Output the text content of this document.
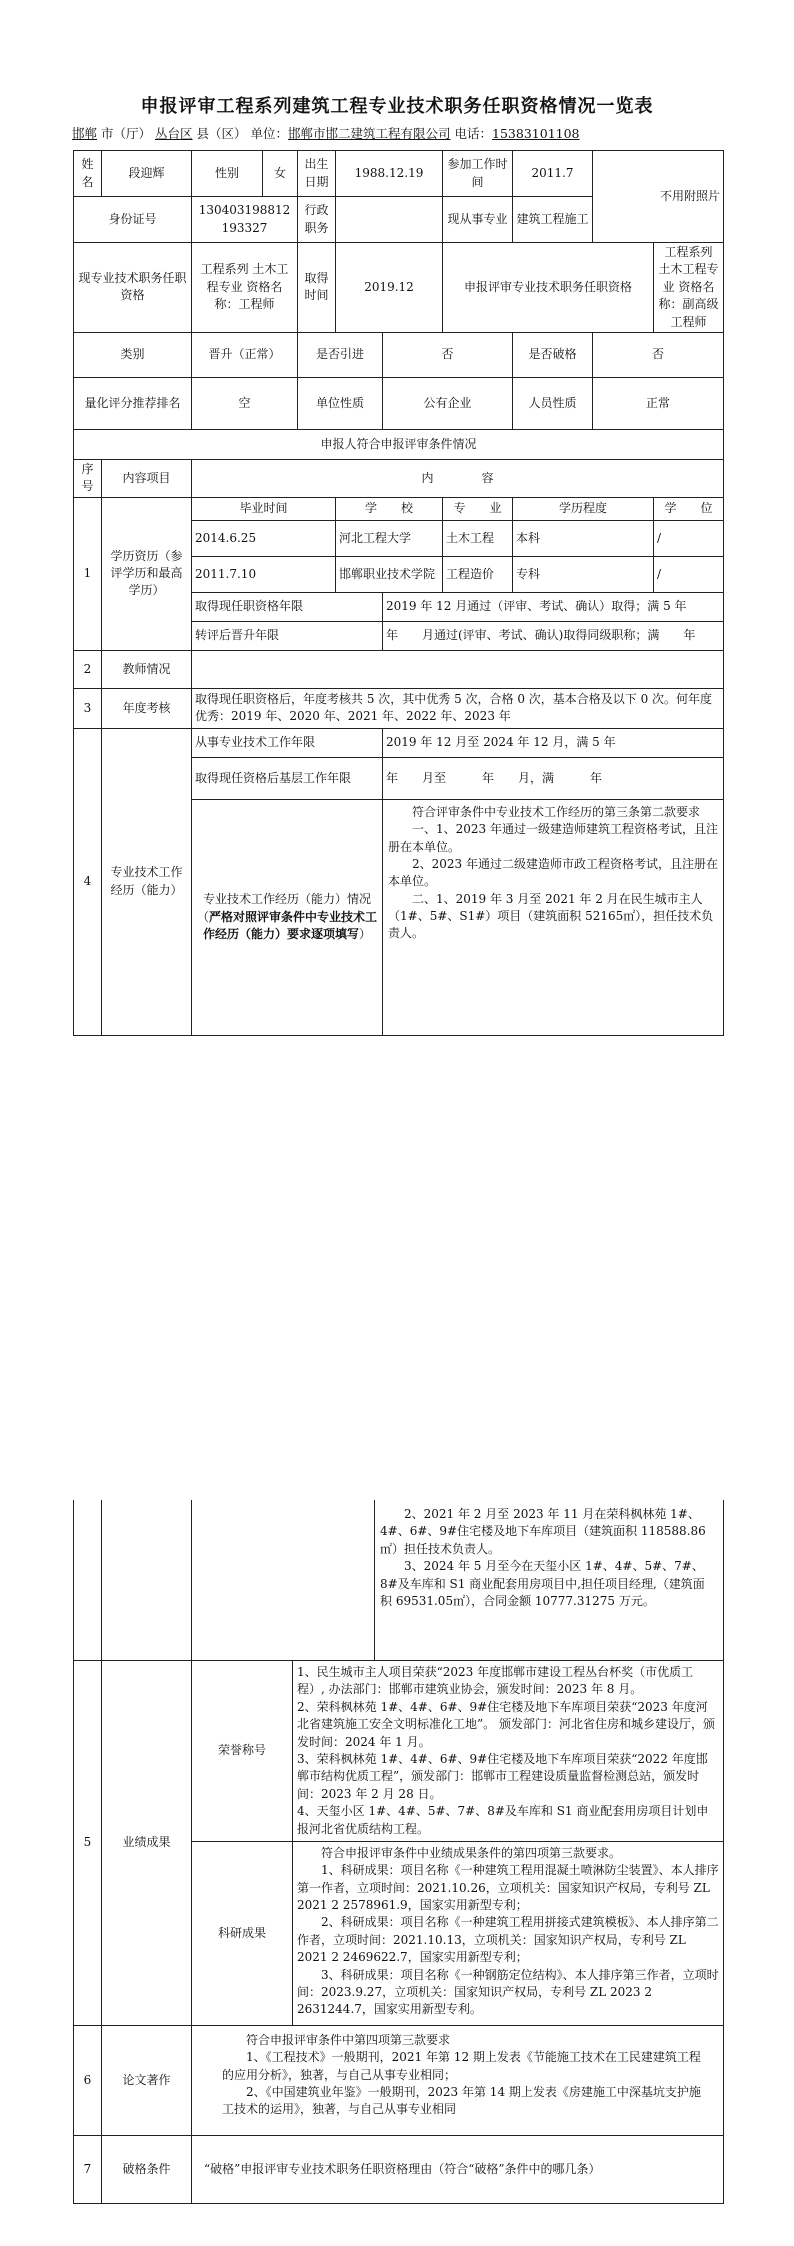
申报评审工程系列建筑工程专业技术职务任职资格情况一览表
邯郸 市（厅） 丛台区 县（区） 单位：邯郸市邯二建筑工程有限公司 电话：15383101108
姓名	段迎辉	性别	女	出生日期	1988.12.19		参加工作时间	2011.7	不用附照片	
身份证号		130403198812193327		行政职务			现从事专业	建筑工程施工		
现专业技术职务任职资格		工程系列 土木工程专业 资格名称：工程师		取得时间	2019.12		申报评审专业技术职务任职资格			工程系列 土木工程专业 资格名称：副高级工程师
类别		晋升（正常）		是否引进		否		是否破格	否	
量化评分推荐排名		空		单位性质		公有企业		人员性质	正常	
申报人符合申报评审条件情况										
序号	内容项目	内　　　　容								
1	学历资历（参评学历和最高学历）	毕业时间			学　　校		专　　业	学历程度		学　　位
		2014.6.25			河北工程大学		土木工程	本科		/
		2011.7.10			邯郸职业技术学院		工程造价	专科		/
		取得现任职资格年限				2019 年 12 月通过（评审、考试、确认）取得；满 5 年				
		转评后晋升年限				年　　月通过(评审、考试、确认)取得同级职称；满　　年				
2	教师情况									
3	年度考核	取得现任职资格后，年度考核共 5 次，其中优秀 5 次，合格 0 次，基本合格及以下 0 次。何年度优秀：2019 年、2020 年、2021 年、2022 年、2023 年								
4	专业技术工作经历（能力）	从事专业技术工作年限				2019 年 12 月至 2024 年 12 月，满 5 年				
		取得现任资格后基层工作年限				年　　月至　　　年　　月，满　　　年				
		专业技术工作经历（能力）情况（严格对照评审条件中专业技术工作经历（能力）要求逐项填写）				符合评审条件中专业技术工作经历的第三条第二款要求

一、1、2023 年通过一级建造师建筑工程资格考试，且注册在本单位。

2、2023 年通过二级建造师市政工程资格考试，且注册在本单位。

二、1、2019 年 3 月至 2021 年 2 月在民生城市主人（1#、5#、S1#）项目（建筑面积 52165㎡），担任技术负责人。				

2、2021 年 2 月至 2023 年 11 月在荣科枫林苑 1#、4#、6#、9#住宅楼及地下车库项目（建筑面积 118588.86㎡）担任技术负责人。

3、2024 年 5 月至今在天玺小区 1#、4#、5#、7#、8#及车库和 S1 商业配套用房项目中,担任项目经理,（建筑面积 69531.05㎡），合同金额 10777.31275 万元。

5	业绩成果	荣誉称号	1、民生城市主人项目荣获“2023 年度邯郸市建设工程丛台杯奖（市优质工程）, 办法部门：邯郸市建筑业协会，颁发时间：2023 年 8 月。

2、荣科枫林苑 1#、4#、6#、9#住宅楼及地下车库项目荣获“2023 年度河北省建筑施工安全文明标准化工地”。 颁发部门：河北省住房和城乡建设厅，颁发时间：2024 年 1 月。

3、荣科枫林苑 1#、4#、6#、9#住宅楼及地下车库项目荣获“2022 年度邯郸市结构优质工程”，颁发部门：邯郸市工程建设质量监督检测总站，颁发时间：2023 年 2 月 28 日。

4、天玺小区 1#、4#、5#、7#、8#及车库和 S1 商业配套用房项目计划申报河北省优质结构工程。

		科研成果	符合申报评审条件中业绩成果条件的第四项第三款要求。

1、科研成果：项目名称《一种建筑工程用混凝土喷淋防尘装置》、本人排序第一作者，立项时间：2021.10.26，立项机关：国家知识产权局，专利号 ZL 2021 2 2578961.9，国家实用新型专利；

2、科研成果：项目名称《一种建筑工程用拼接式建筑模板》、本人排序第二作者，立项时间：2021.10.13，立项机关：国家知识产权局，专利号 ZL 2021 2 2469622.7，国家实用新型专利；

3、科研成果：项目名称《一种钢筋定位结构》、本人排序第三作者，立项时间：2023.9.27，立项机关：国家知识产权局，专利号 ZL 2023 2 2631244.7，国家实用新型专利。

6	论文著作	符合申报评审条件中第四项第三款要求

1、《工程技术》一般期刊，2021 年第 12 期上发表《节能施工技术在工民建建筑工程的应用分析》，独著，与自己从事专业相同；

2、《中国建筑业年鉴》一般期刊，2023 年第 14 期上发表《房建施工中深基坑支护施工技术的运用》，独著，与自己从事专业相同	

7	破格条件	“破格”申报评审专业技术职务任职资格理由（符合“破格”条件中的哪几条）	
